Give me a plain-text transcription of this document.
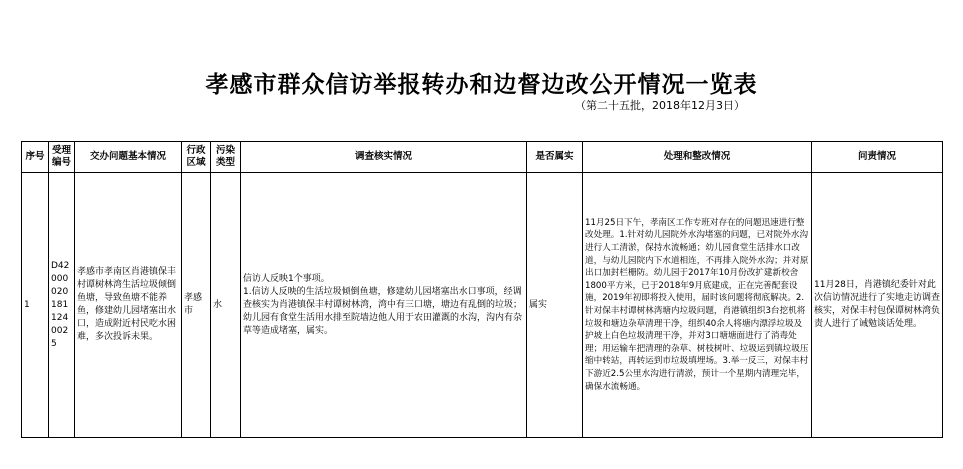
孝感市群众信访举报转办和边督边改公开情况一览表
（第二十五批，2018年12月3日）
序号	受理编号	交办问题基本情况	行政区域	污染类型	调查核实情况	是否属实	处理和整改情况	问责情况
1	D420000201811240025	孝感市孝南区肖港镇保丰村谭树林湾生活垃圾倾倒鱼塘，导致鱼塘不能养鱼，修建幼儿园堵塞出水口，造成附近村民吃水困难，多次投诉未果。	孝感市	水	信访人反映1个事项。
1.信访人反映的生活垃圾倾倒鱼塘，修建幼儿园堵塞出水口事项，经调查核实为肖港镇保丰村谭树林湾，湾中有三口塘，塘边有乱倒的垃圾；幼儿园有食堂生活用水排至院墙边他人用于农田灌溉的水沟，沟内有杂草等造成堵塞，属实。	属实	11月25日下午，孝南区工作专班对存在的问题迅速进行整改处理。1.针对幼儿园院外水沟堵塞的问题，已对院外水沟进行人工清淤，保持水流畅通；幼儿园食堂生活排水口改道，与幼儿园院内下水道相连，不再排入院外水沟；并对原出口加封栏栅防。幼儿园于2017年10月份改扩建新校舍1800平方米，已于2018年9月底建成，正在完善配套设施，2019年初即将投入使用，届时该问题将彻底解决。2.针对保丰村谭树林湾塘内垃圾问题，肖港镇组织3台挖机将垃圾和塘边杂草清理干净，组织40余人将塘内漂浮垃圾及护坡上白色垃圾清理干净，并对3口塘塘面进行了消毒处理；用运输车把清理的杂草、树枝树叶、垃圾运到镇垃圾压缩中转站，再转运到市垃圾填埋场。3.举一反三，对保丰村下游近2.5公里水沟进行清淤，预计一个星期内清理完毕，确保水流畅通。	11月28日，肖港镇纪委针对此次信访情况进行了实地走访调查核实，对保丰村包保谭树林湾负责人进行了诫勉谈话处理。
